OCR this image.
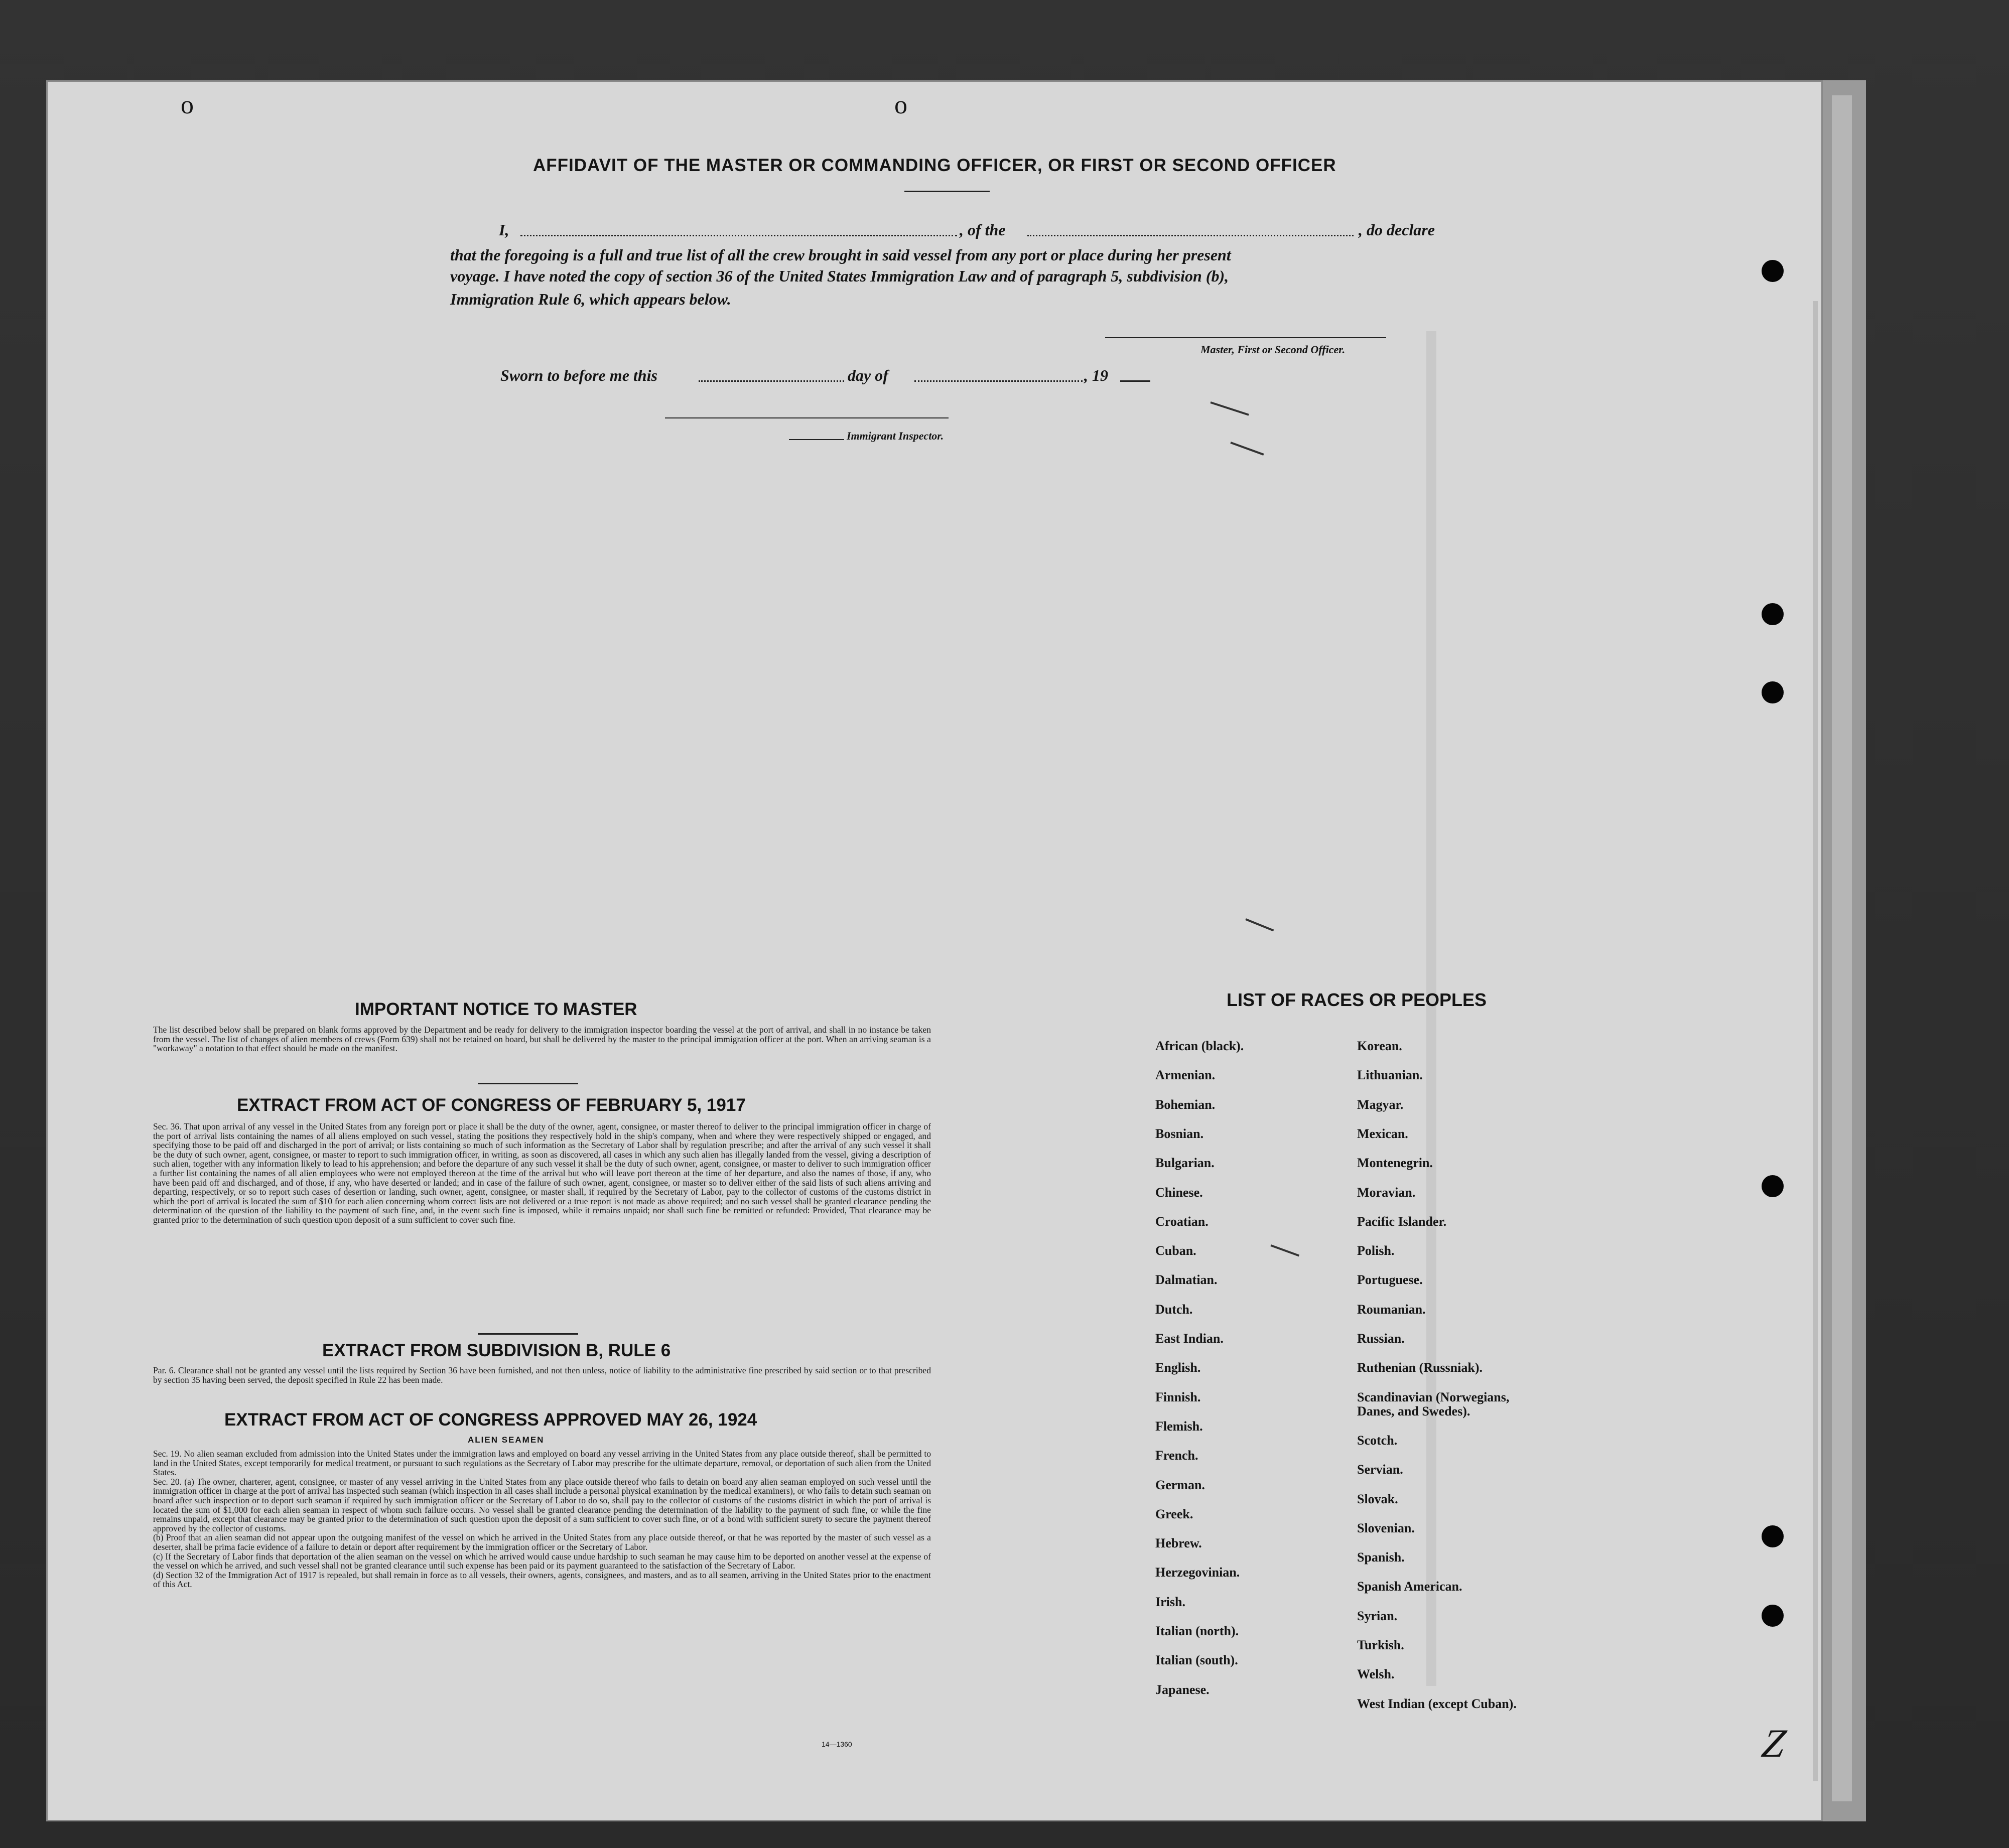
o	o
Z
AFFIDAVIT OF THE MASTER OR COMMANDING OFFICER, OR FIRST OR SECOND OFFICER
I,	, of the	, do declare
that the foregoing is a full and true list of all the crew brought in said vessel from any port or place during her present
voyage. I have noted the copy of section 36 of the United States Immigration Law and of paragraph 5, subdivision (b),
Immigration Rule 6, which appears below.
Master, First or Second Officer.
Sworn to before me this	day of	, 19
Immigrant Inspector.
IMPORTANT NOTICE TO MASTER
The list described below shall be prepared on blank forms approved by the Department and be ready for delivery to the immigration inspector boarding the vessel at the port of arrival, and shall in no instance be taken from the vessel. The list of changes of alien members of crews (Form 639) shall not be retained on board, but shall be delivered by the master to the principal immigration officer at the port. When an arriving seaman is a "workaway" a notation to that effect should be made on the manifest.
EXTRACT FROM ACT OF CONGRESS OF FEBRUARY 5, 1917
Sec. 36. That upon arrival of any vessel in the United States from any foreign port or place it shall be the duty of the owner, agent, consignee, or master thereof to deliver to the principal immigration officer in charge of the port of arrival lists containing the names of all aliens employed on such vessel, stating the positions they respectively hold in the ship's company, when and where they were respectively shipped or engaged, and specifying those to be paid off and discharged in the port of arrival; or lists containing so much of such information as the Secretary of Labor shall by regulation prescribe; and after the arrival of any such vessel it shall be the duty of such owner, agent, consignee, or master to report to such immigration officer, in writing, as soon as discovered, all cases in which any such alien has illegally landed from the vessel, giving a description of such alien, together with any information likely to lead to his apprehension; and before the departure of any such vessel it shall be the duty of such owner, agent, consignee, or master to deliver to such immigration officer a further list containing the names of all alien employees who were not employed thereon at the time of the arrival but who will leave port thereon at the time of her departure, and also the names of those, if any, who have been paid off and discharged, and of those, if any, who have deserted or landed; and in case of the failure of such owner, agent, consignee, or master so to deliver either of the said lists of such aliens arriving and departing, respectively, or so to report such cases of desertion or landing, such owner, agent, consignee, or master shall, if required by the Secretary of Labor, pay to the collector of customs of the customs district in which the port of arrival is located the sum of $10 for each alien concerning whom correct lists are not delivered or a true report is not made as above required; and no such vessel shall be granted clearance pending the determination of the question of the liability to the payment of such fine, and, in the event such fine is imposed, while it remains unpaid; nor shall such fine be remitted or refunded: Provided, That clearance may be granted prior to the determination of such question upon deposit of a sum sufficient to cover such fine.
EXTRACT FROM SUBDIVISION B, RULE 6
Par. 6. Clearance shall not be granted any vessel until the lists required by Section 36 have been furnished, and not then unless, notice of liability to the administrative fine prescribed by said section or to that prescribed by section 35 having been served, the deposit specified in Rule 22 has been made.
EXTRACT FROM ACT OF CONGRESS APPROVED MAY 26, 1924
ALIEN SEAMEN
Sec. 19. No alien seaman excluded from admission into the United States under the immigration laws and employed on board any vessel arriving in the United States from any place outside thereof, shall be permitted to land in the United States, except temporarily for medical treatment, or pursuant to such regulations as the Secretary of Labor may prescribe for the ultimate departure, removal, or deportation of such alien from the United States.
Sec. 20. (a) The owner, charterer, agent, consignee, or master of any vessel arriving in the United States from any place outside thereof who fails to detain on board any alien seaman employed on such vessel until the immigration officer in charge at the port of arrival has inspected such seaman (which inspection in all cases shall include a personal physical examination by the medical examiners), or who fails to detain such seaman on board after such inspection or to deport such seaman if required by such immigration officer or the Secretary of Labor to do so, shall pay to the collector of customs of the customs district in which the port of arrival is located the sum of $1,000 for each alien seaman in respect of whom such failure occurs. No vessel shall be granted clearance pending the determination of the liability to the payment of such fine, or while the fine remains unpaid, except that clearance may be granted prior to the determination of such question upon the deposit of a sum sufficient to cover such fine, or of a bond with sufficient surety to secure the payment thereof approved by the collector of customs.
(b) Proof that an alien seaman did not appear upon the outgoing manifest of the vessel on which he arrived in the United States from any place outside thereof, or that he was reported by the master of such vessel as a deserter, shall be prima facie evidence of a failure to detain or deport after requirement by the immigration officer or the Secretary of Labor.
(c) If the Secretary of Labor finds that deportation of the alien seaman on the vessel on which he arrived would cause undue hardship to such seaman he may cause him to be deported on another vessel at the expense of the vessel on which he arrived, and such vessel shall not be granted clearance until such expense has been paid or its payment guaranteed to the satisfaction of the Secretary of Labor.
(d) Section 32 of the Immigration Act of 1917 is repealed, but shall remain in force as to all vessels, their owners, agents, consignees, and masters, and as to all seamen, arriving in the United States prior to the enactment of this Act.
14—1360
LIST OF RACES OR PEOPLES
African (black).
Armenian.
Bohemian.
Bosnian.
Bulgarian.
Chinese.
Croatian.
Cuban.
Dalmatian.
Dutch.
East Indian.
English.
Finnish.
Flemish.
French.
German.
Greek.
Hebrew.
Herzegovinian.
Irish.
Italian (north).
Italian (south).
Japanese.
Korean.
Lithuanian.
Magyar.
Mexican.
Montenegrin.
Moravian.
Pacific Islander.
Polish.
Portuguese.
Roumanian.
Russian.
Ruthenian (Russniak).
Scandinavian (Norwegians,
Danes, and Swedes).
Scotch.
Servian.
Slovak.
Slovenian.
Spanish.
Spanish American.
Syrian.
Turkish.
Welsh.
West Indian (except Cuban).
